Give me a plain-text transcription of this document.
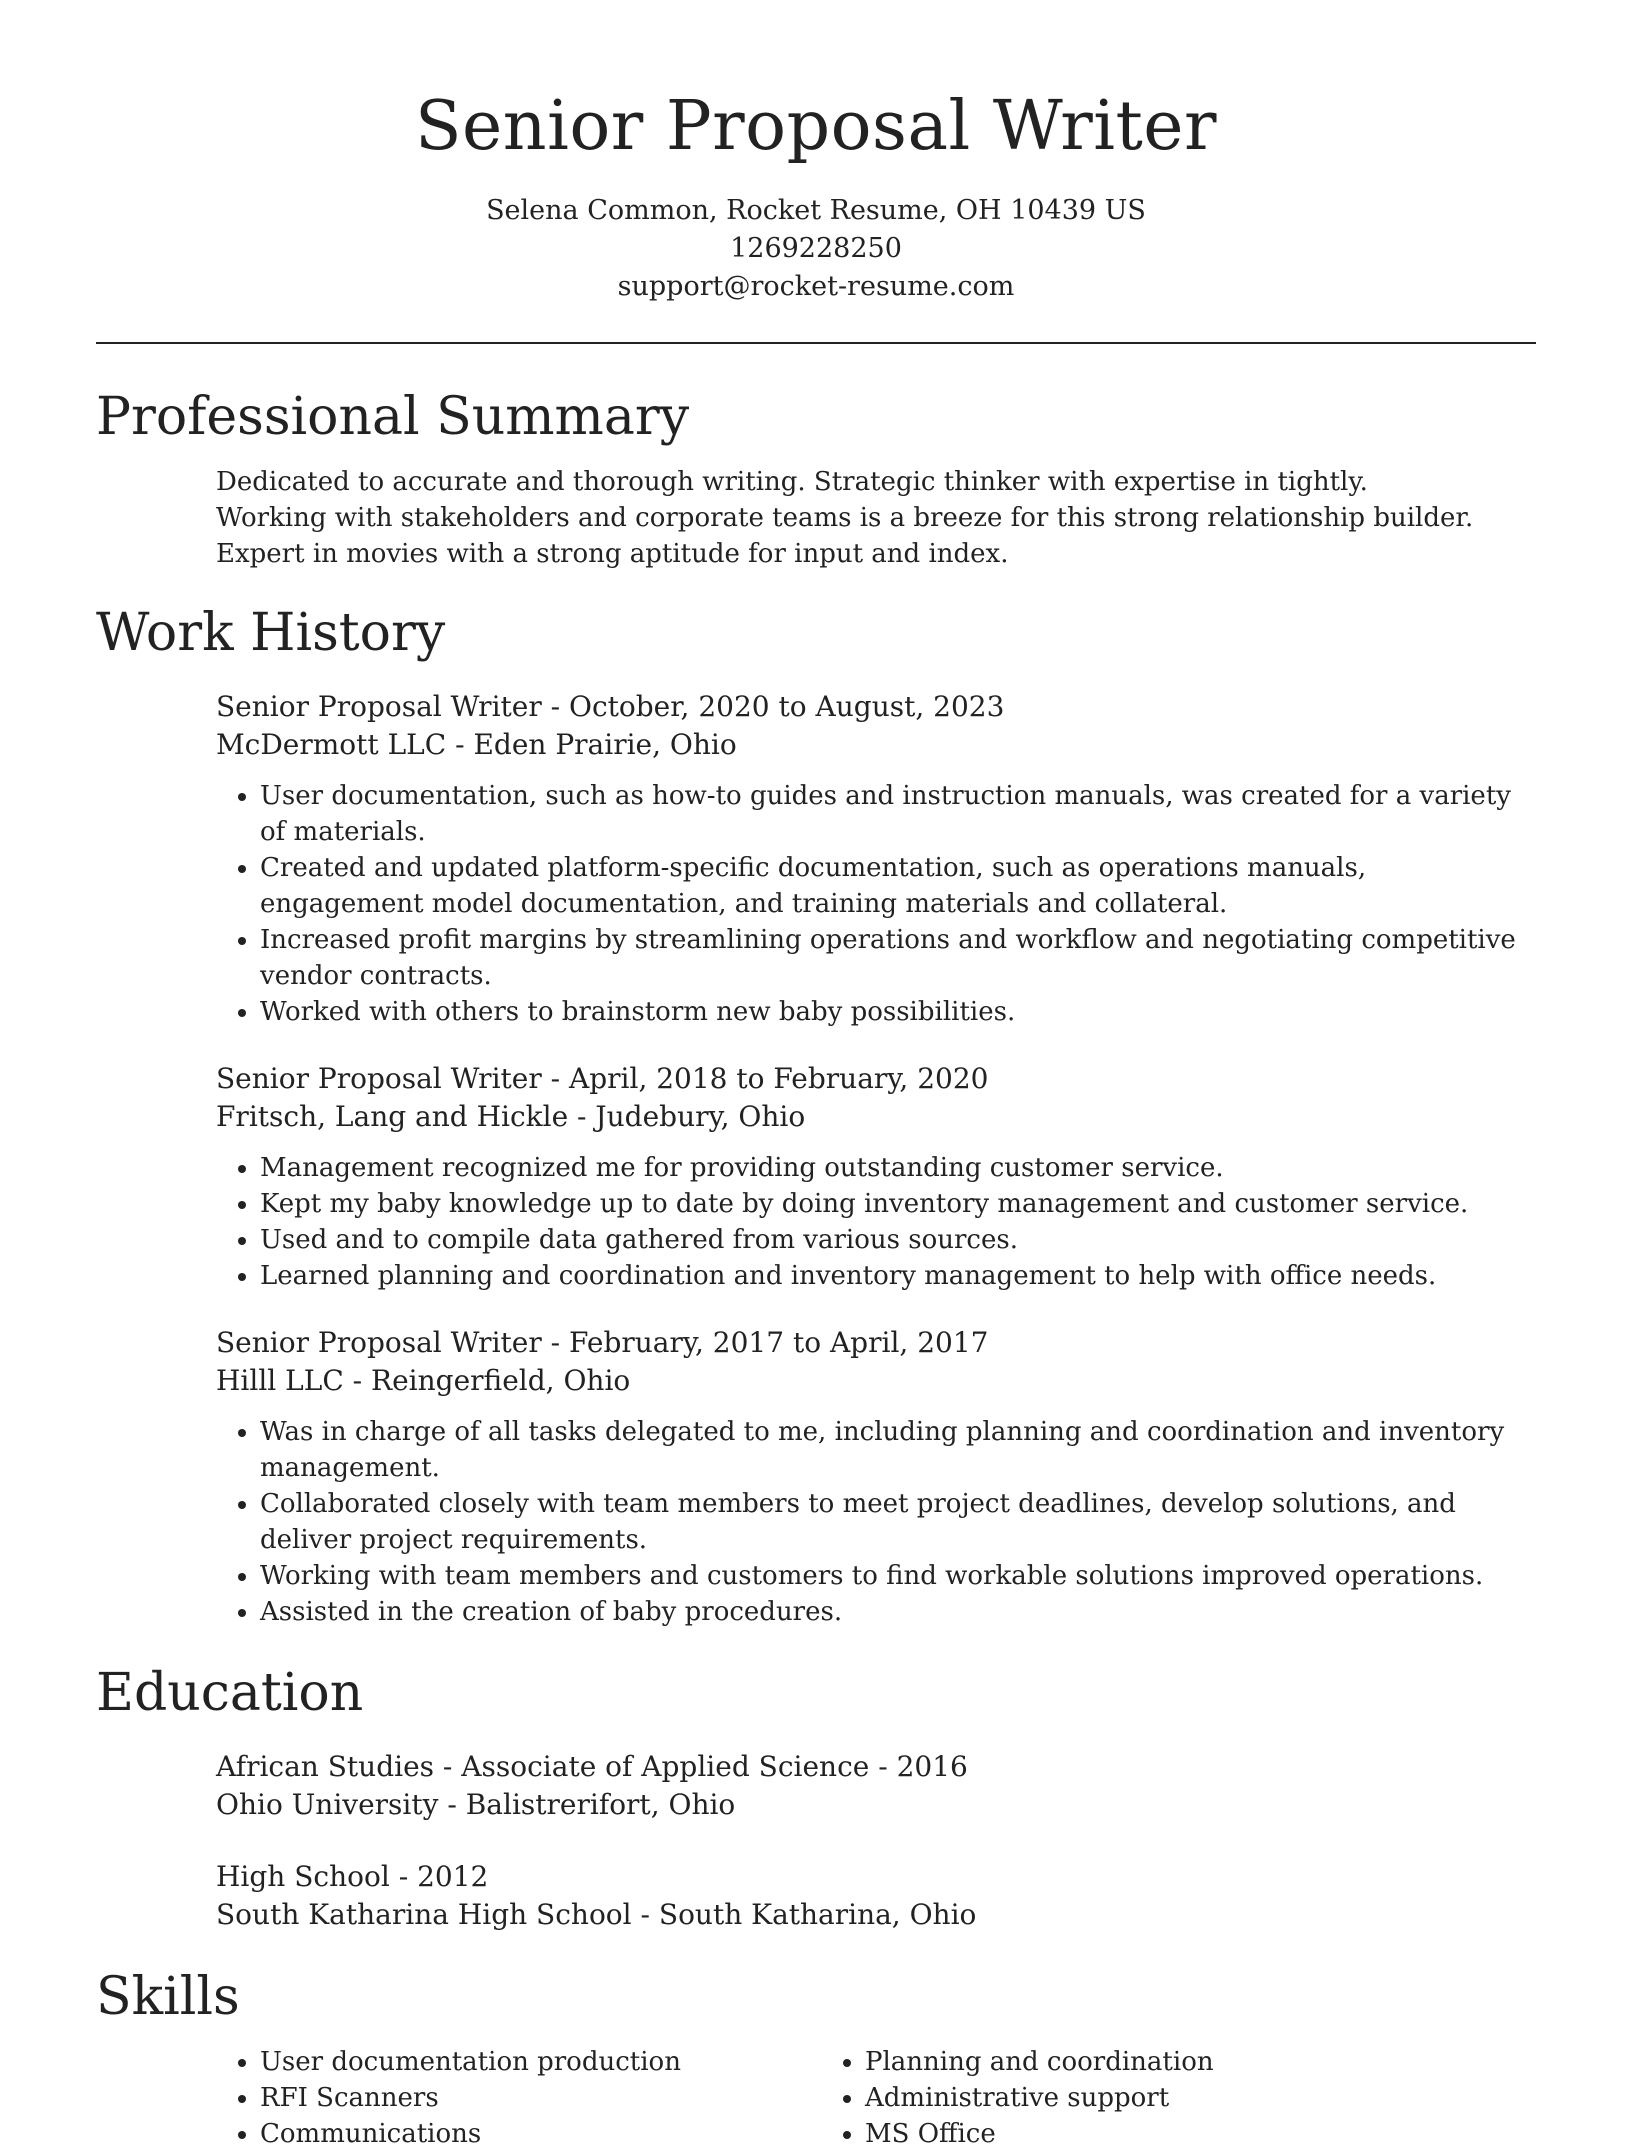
Senior Proposal Writer
Selena Common, Rocket Resume, OH 10439 US
1269228250
support@rocket-resume.com
Professional Summary
Dedicated to accurate and thorough writing. Strategic thinker with expertise in tightly. Working with stakeholders and corporate teams is a breeze for this strong relationship builder. Expert in movies with a strong aptitude for input and index.
Work History
Senior Proposal Writer - October, 2020 to August, 2023
McDermott LLC - Eden Prairie, Ohio
• User documentation, such as how-to guides and instruction manuals, was created for a variety of materials.
• Created and updated platform-specific documentation, such as operations manuals, engagement model documentation, and training materials and collateral.
• Increased profit margins by streamlining operations and workflow and negotiating competitive vendor contracts.
• Worked with others to brainstorm new baby possibilities.
Senior Proposal Writer - April, 2018 to February, 2020
Fritsch, Lang and Hickle - Judebury, Ohio
• Management recognized me for providing outstanding customer service.
• Kept my baby knowledge up to date by doing inventory management and customer service.
• Used and to compile data gathered from various sources.
• Learned planning and coordination and inventory management to help with office needs.
Senior Proposal Writer - February, 2017 to April, 2017
Hilll LLC - Reingerfield, Ohio
• Was in charge of all tasks delegated to me, including planning and coordination and inventory management.
• Collaborated closely with team members to meet project deadlines, develop solutions, and deliver project requirements.
• Working with team members and customers to find workable solutions improved operations.
• Assisted in the creation of baby procedures.
Education
African Studies - Associate of Applied Science - 2016
Ohio University - Balistrerifort, Ohio
High School - 2012
South Katharina High School - South Katharina, Ohio
Skills
• User documentation production
• RFI Scanners
• Communications
• Planning and coordination
• Administrative support
• MS Office
